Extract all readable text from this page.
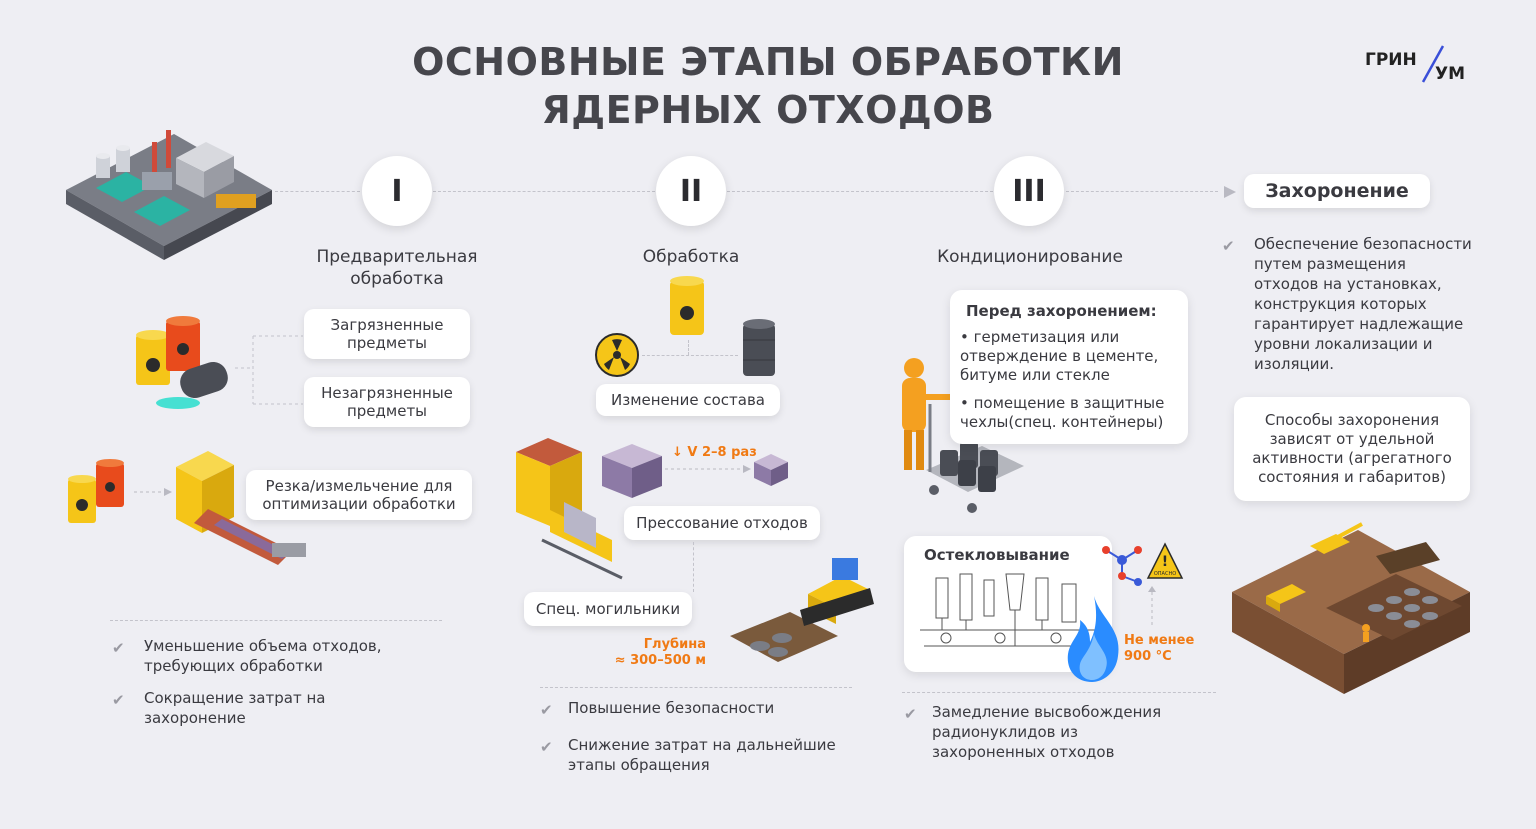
ОСНОВНЫЕ ЭТАПЫ ОБРАБОТКИ
ЯДЕРНЫХ ОТХОДОВ
ГРИН
УМ
I	II	III
Предварительная обработка
Обработка	Кондиционирование
Захоронение
Загрязненные предметы
Незагрязненные предметы
Резка/измельчение для оптимизации обработки
✔ Уменьшение объема отходов, требующих обработки
✔ Сокращение затрат на захоронение
Изменение состава
↓ V 2–8 раз
Прессование отходов
Спец. могильники
Глубина
≈ 300–500 м
✔ Повышение безопасности
✔ Снижение затрат на дальнейшие этапы обращения
Перед захоронением:
• герметизация или отверждение в цементе, битуме или стекле
• помещение в защитные чехлы(спец. контейнеры)
Остекловывание	!
ОПАСНО
Не менее
900 °C
✔ Замедление высвобождения радионуклидов из захороненных отходов
✔ Обеспечение безопасности путем размещения отходов на установках, конструкция которых гарантирует надлежащие уровни локализации и изоляции.
Способы захоронения зависят от удельной активности (агрегатного состояния и габаритов)
